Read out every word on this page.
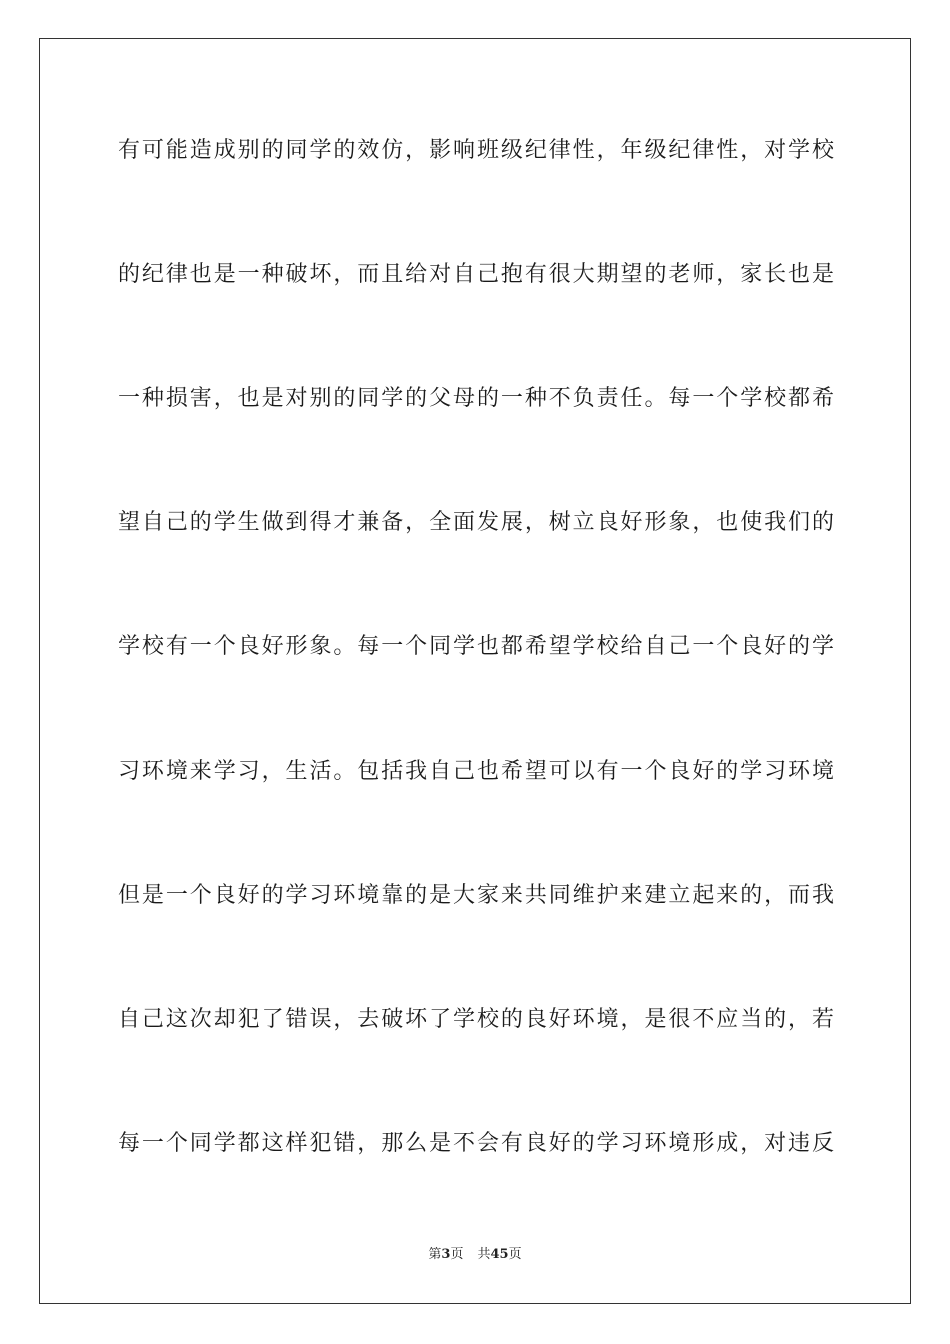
有可能造成别的同学的效仿，影响班级纪律性，年级纪律性，对学校
的纪律也是一种破坏，而且给对自己抱有很大期望的老师，家长也是
一种损害，也是对别的同学的父母的一种不负责任。每一个学校都希
望自己的学生做到得才兼备，全面发展，树立良好形象，也使我们的
学校有一个良好形象。每一个同学也都希望学校给自己一个良好的学
习环境来学习，生活。包括我自己也希望可以有一个良好的学习环境
但是一个良好的学习环境靠的是大家来共同维护来建立起来的，而我
自己这次却犯了错误，去破坏了学校的良好环境，是很不应当的，若
每一个同学都这样犯错，那么是不会有良好的学习环境形成，对违反
第3页 共45页
